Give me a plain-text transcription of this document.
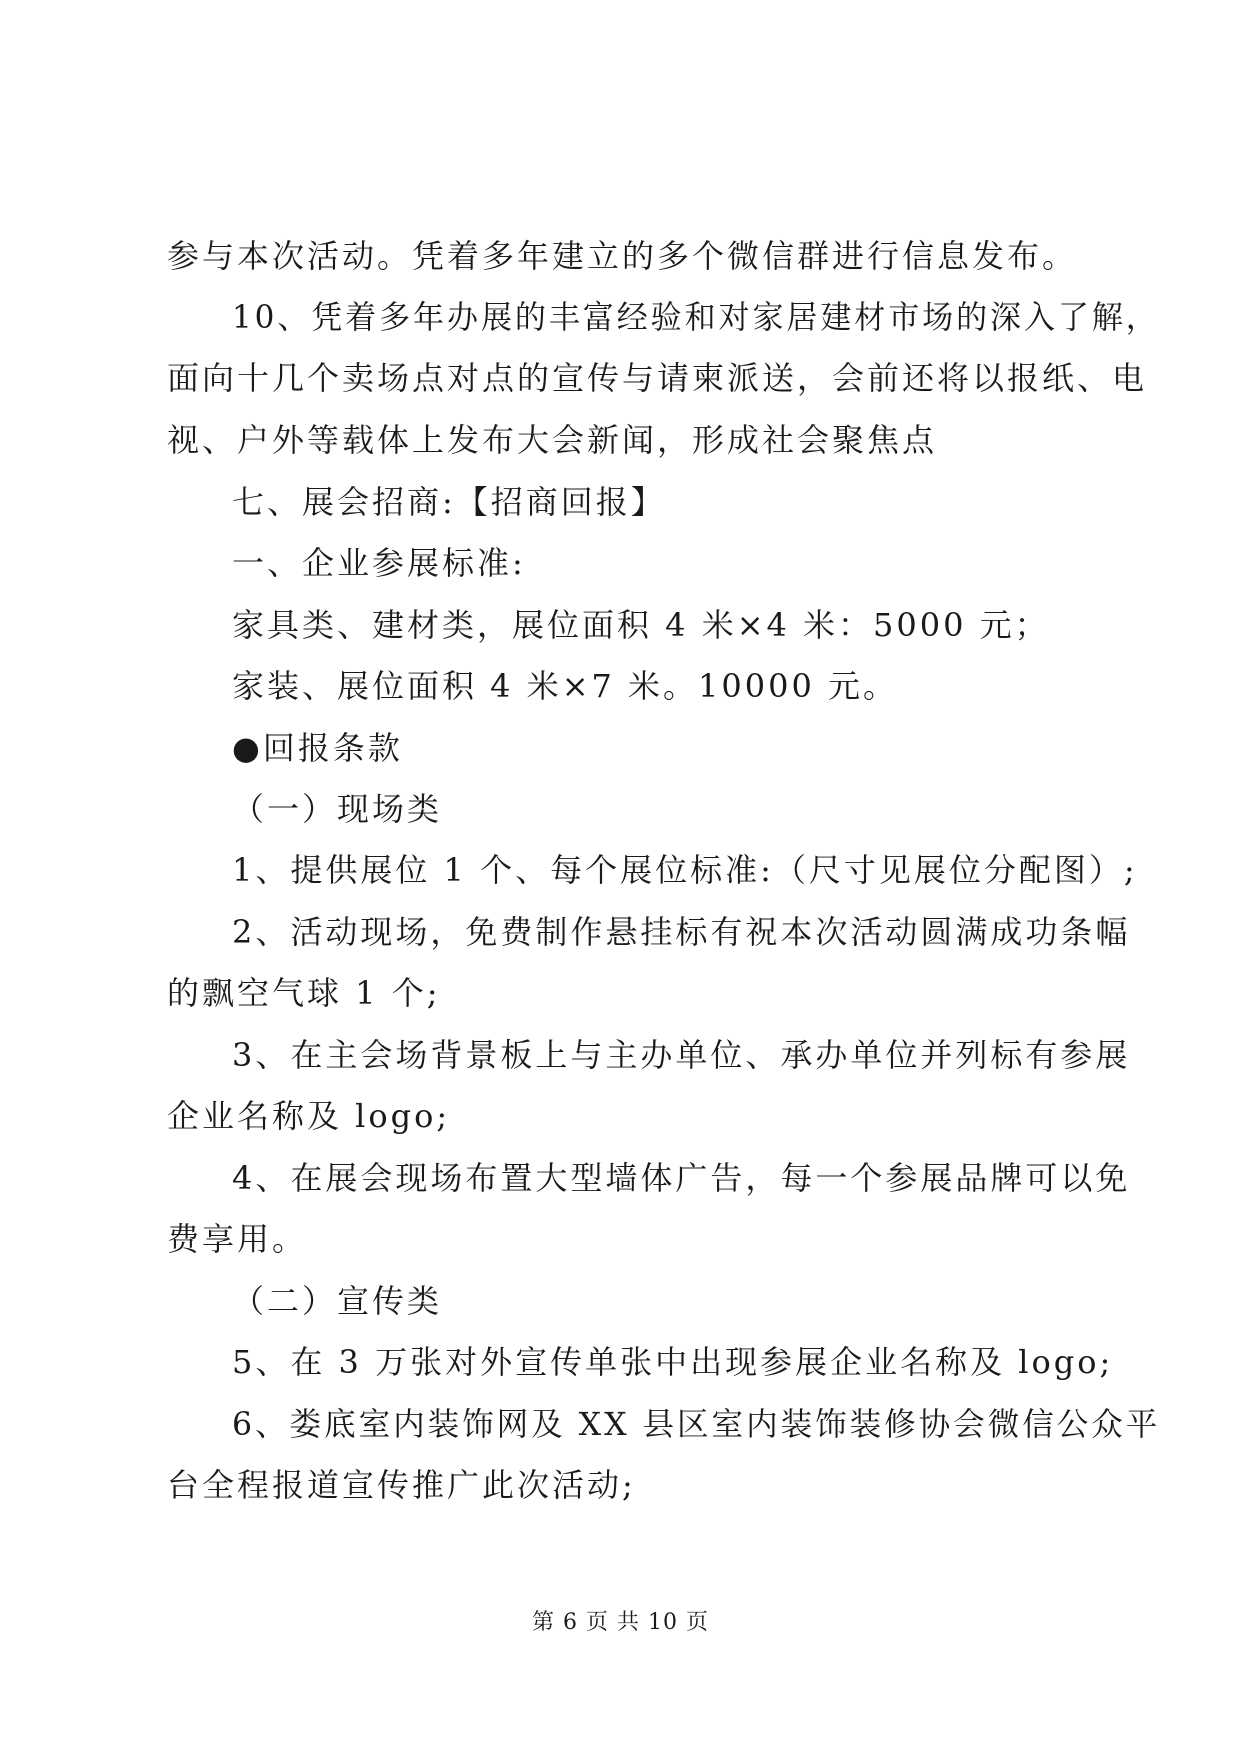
参与本次活动。凭着多年建立的多个微信群进行信息发布。
10、凭着多年办展的丰富经验和对家居建材市场的深入了解，
面向十几个卖场点对点的宣传与请柬派送，会前还将以报纸、电
视、户外等载体上发布大会新闻，形成社会聚焦点
七、展会招商:【招商回报】
一、企业参展标准:
家具类、建材类，展位面积 4 米×4 米：5000 元；
家装、展位面积 4 米×7 米。10000 元。
●回报条款
（一）现场类
1、提供展位 1 个、每个展位标准:（尺寸见展位分配图）;
2、活动现场，免费制作悬挂标有祝本次活动圆满成功条幅
的飘空气球 1 个;
3、在主会场背景板上与主办单位、承办单位并列标有参展
企业名称及 logo;
4、在展会现场布置大型墙体广告，每一个参展品牌可以免
费享用。
（二）宣传类
5、在 3 万张对外宣传单张中出现参展企业名称及 logo;
6、娄底室内装饰网及 XX 县区室内装饰装修协会微信公众平
台全程报道宣传推广此次活动;
第 6 页 共 10 页
